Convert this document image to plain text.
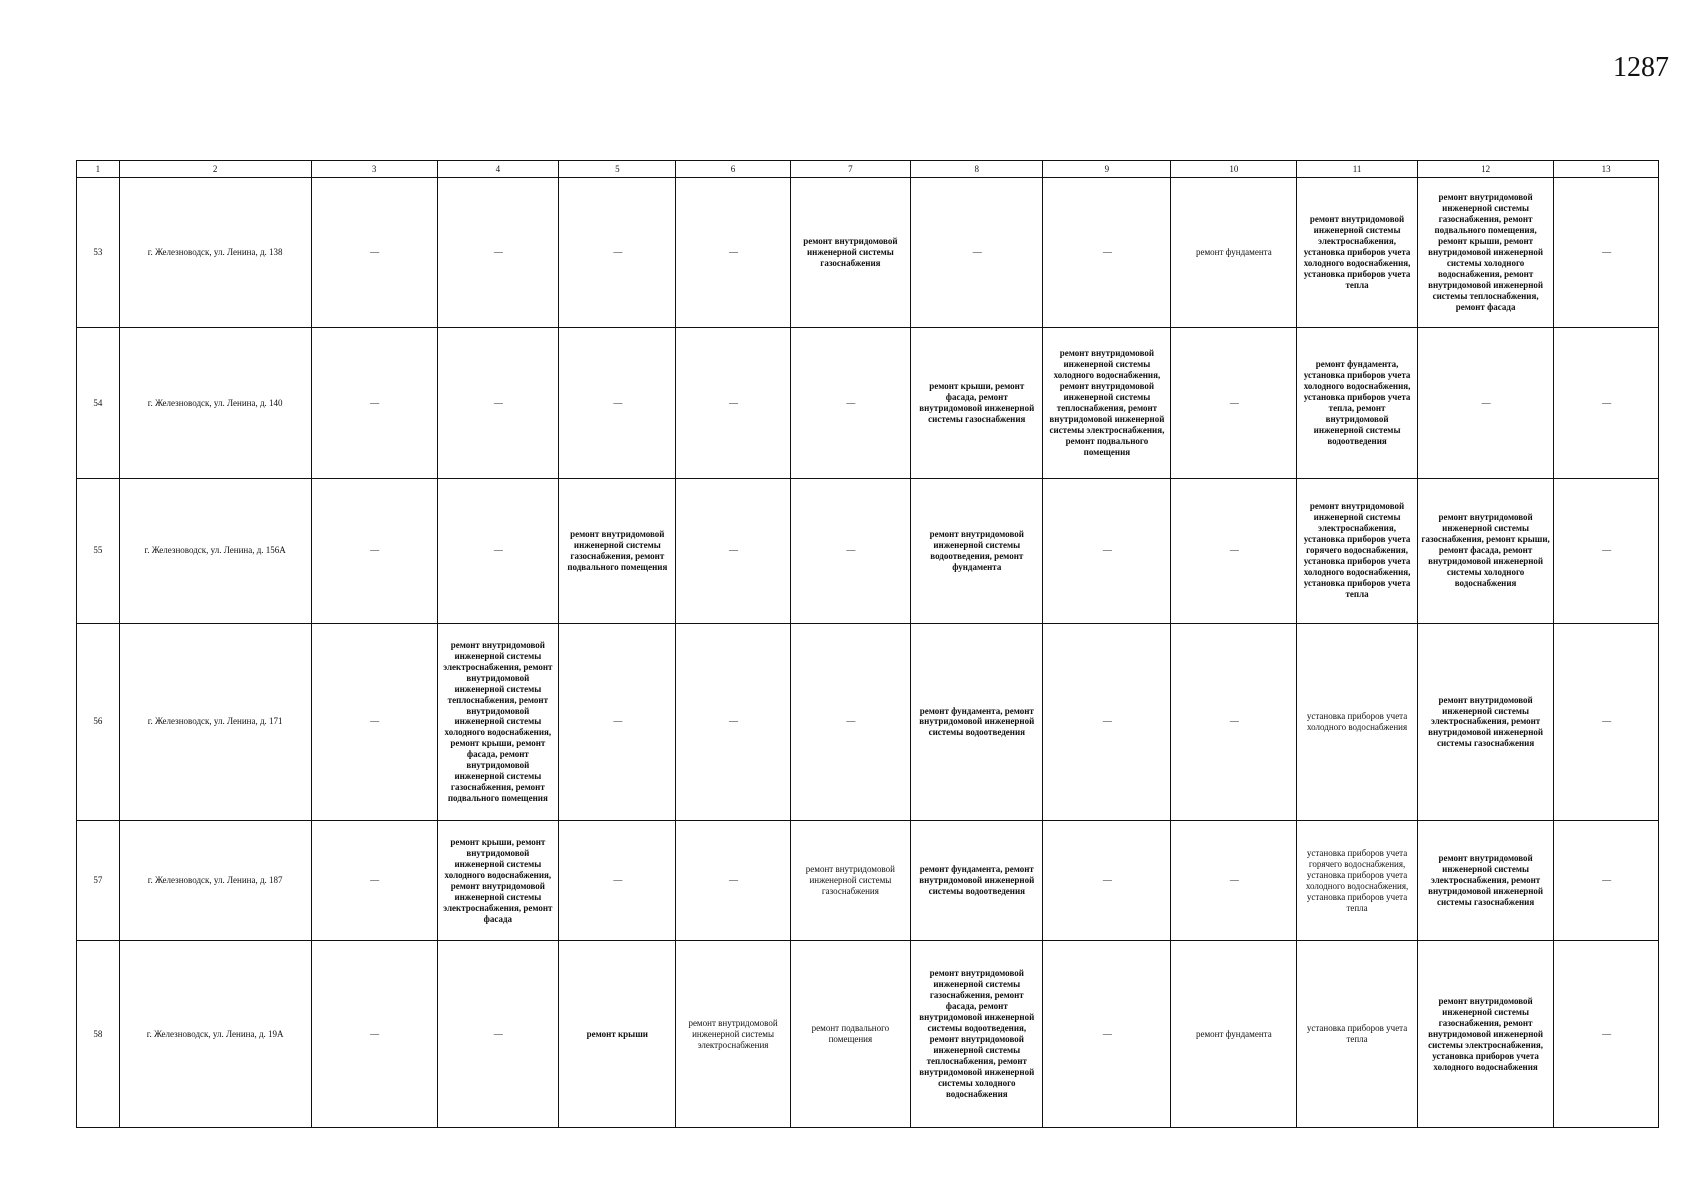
1287
1	2	3	4	5	6	7	8	9	10	11	12	13
53	г. Железноводск, ул. Ленина, д. 138	—	—	—	—	ремонт внутридомовой инженерной системы газоснабжения	—	—	ремонт фундамента	ремонт внутридомовой инженерной системы электроснабжения, установка приборов учета холодного водоснабжения, установка приборов учета тепла	ремонт внутридомовой инженерной системы газоснабжения, ремонт подвального помещения, ремонт крыши, ремонт внутридомовой инженерной системы холодного водоснабжения, ремонт внутридомовой инженерной системы теплоснабжения, ремонт фасада	—
54	г. Железноводск, ул. Ленина, д. 140	—	—	—	—	—	ремонт крыши, ремонт фасада, ремонт внутридомовой инженерной системы газоснабжения	ремонт внутридомовой инженерной системы холодного водоснабжения, ремонт внутридомовой инженерной системы теплоснабжения, ремонт внутридомовой инженерной системы электроснабжения, ремонт подвального помещения	—	ремонт фундамента, установка приборов учета холодного водоснабжения, установка приборов учета тепла, ремонт внутридомовой инженерной системы водоотведения	—	—
55	г. Железноводск, ул. Ленина, д. 156А	—	—	ремонт внутридомовой инженерной системы газоснабжения, ремонт подвального помещения	—	—	ремонт внутридомовой инженерной системы водоотведения, ремонт фундамента	—	—	ремонт внутридомовой инженерной системы электроснабжения, установка приборов учета горячего водоснабжения, установка приборов учета холодного водоснабжения, установка приборов учета тепла	ремонт внутридомовой инженерной системы газоснабжения, ремонт крыши, ремонт фасада, ремонт внутридомовой инженерной системы холодного водоснабжения	—
56	г. Железноводск, ул. Ленина, д. 171	—	ремонт внутридомовой инженерной системы электроснабжения, ремонт внутридомовой инженерной системы теплоснабжения, ремонт внутридомовой инженерной системы холодного водоснабжения, ремонт крыши, ремонт фасада, ремонт внутридомовой инженерной системы газоснабжения, ремонт подвального помещения	—	—	—	ремонт фундамента, ремонт внутридомовой инженерной системы водоотведения	—	—	установка приборов учета холодного водоснабжения	ремонт внутридомовой инженерной системы электроснабжения, ремонт внутридомовой инженерной системы газоснабжения	—
57	г. Железноводск, ул. Ленина, д. 187	—	ремонт крыши, ремонт внутридомовой инженерной системы холодного водоснабжения, ремонт внутридомовой инженерной системы электроснабжения, ремонт фасада	—	—	ремонт внутридомовой инженерной системы газоснабжения	ремонт фундамента, ремонт внутридомовой инженерной системы водоотведения	—	—	установка приборов учета горячего водоснабжения, установка приборов учета холодного водоснабжения, установка приборов учета тепла	ремонт внутридомовой инженерной системы электроснабжения, ремонт внутридомовой инженерной системы газоснабжения	—
58	г. Железноводск, ул. Ленина, д. 19А	—	—	ремонт крыши	ремонт внутридомовой инженерной системы электроснабжения	ремонт подвального помещения	ремонт внутридомовой инженерной системы газоснабжения, ремонт фасада, ремонт внутридомовой инженерной системы водоотведения, ремонт внутридомовой инженерной системы теплоснабжения, ремонт внутридомовой инженерной системы холодного водоснабжения	—	ремонт фундамента	установка приборов учета тепла	ремонт внутридомовой инженерной системы газоснабжения, ремонт внутридомовой инженерной системы электроснабжения, установка приборов учета холодного водоснабжения	—
